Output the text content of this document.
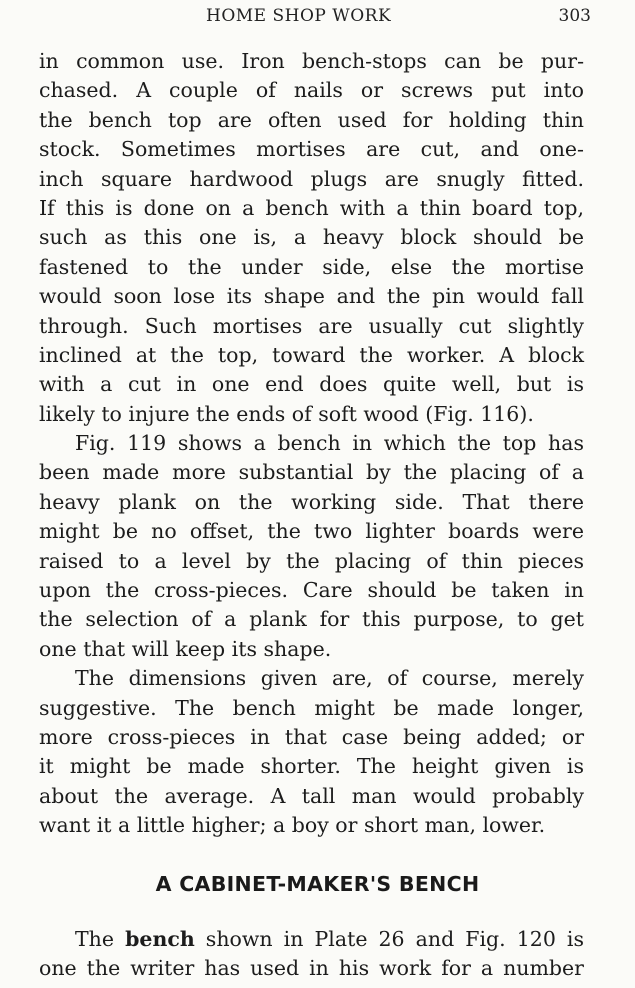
HOME SHOP WORK	303
in common use. Iron bench-stops can be pur-
chased. A couple of nails or screws put into
the bench top are often used for holding thin
stock. Sometimes mortises are cut, and one-
inch square hardwood plugs are snugly fitted.
If this is done on a bench with a thin board top,
such as this one is, a heavy block should be
fastened to the under side, else the mortise
would soon lose its shape and the pin would fall
through. Such mortises are usually cut slightly
inclined at the top, toward the worker. A block
with a cut in one end does quite well, but is
likely to injure the ends of soft wood (Fig. 116).
Fig. 119 shows a bench in which the top has
been made more substantial by the placing of a
heavy plank on the working side. That there
might be no offset, the two lighter boards were
raised to a level by the placing of thin pieces
upon the cross-pieces. Care should be taken in
the selection of a plank for this purpose, to get
one that will keep its shape.
The dimensions given are, of course, merely
suggestive. The bench might be made longer,
more cross-pieces in that case being added; or
it might be made shorter. The height given is
about the average. A tall man would probably
want it a little higher; a boy or short man, lower.
A CABINET-MAKER'S BENCH
The bench shown in Plate 26 and Fig. 120 is
one the writer has used in his work for a number
